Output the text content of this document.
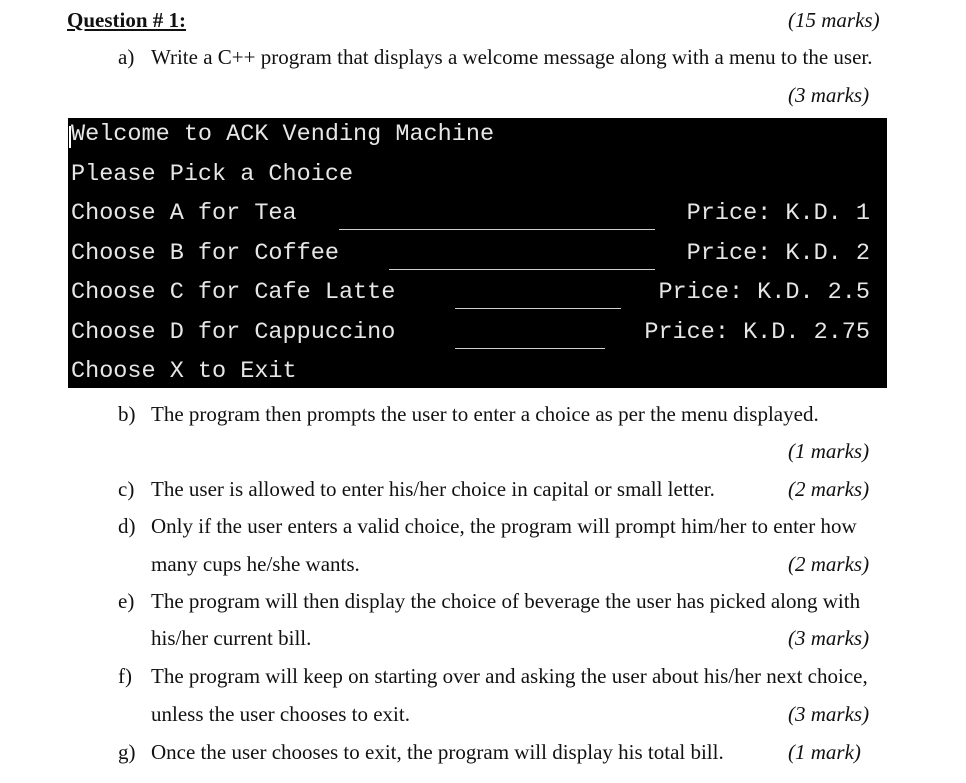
Question # 1:	(15 marks)
a) Write a C++ program that displays a welcome message along with a menu to the user.
(3 marks)
Welcome to ACK Vending Machine
Please Pick a Choice
Choose A for Tea	Price: K.D. 1
Choose B for Coffee	Price: K.D. 2
Choose C for Cafe Latte	Price: K.D. 2.5
Choose D for Cappuccino	Price: K.D. 2.75
Choose X to Exit
b) The program then prompts the user to enter a choice as per the menu displayed.
(1 marks)
c) The user is allowed to enter his/her choice in capital or small letter.	(2 marks)
d) Only if the user enters a valid choice, the program will prompt him/her to enter how
many cups he/she wants.	(2 marks)
e) The program will then display the choice of beverage the user has picked along with
his/her current bill.	(3 marks)
f) The program will keep on starting over and asking the user about his/her next choice,
unless the user chooses to exit.	(3 marks)
g) Once the user chooses to exit, the program will display his total bill.	(1 mark)
